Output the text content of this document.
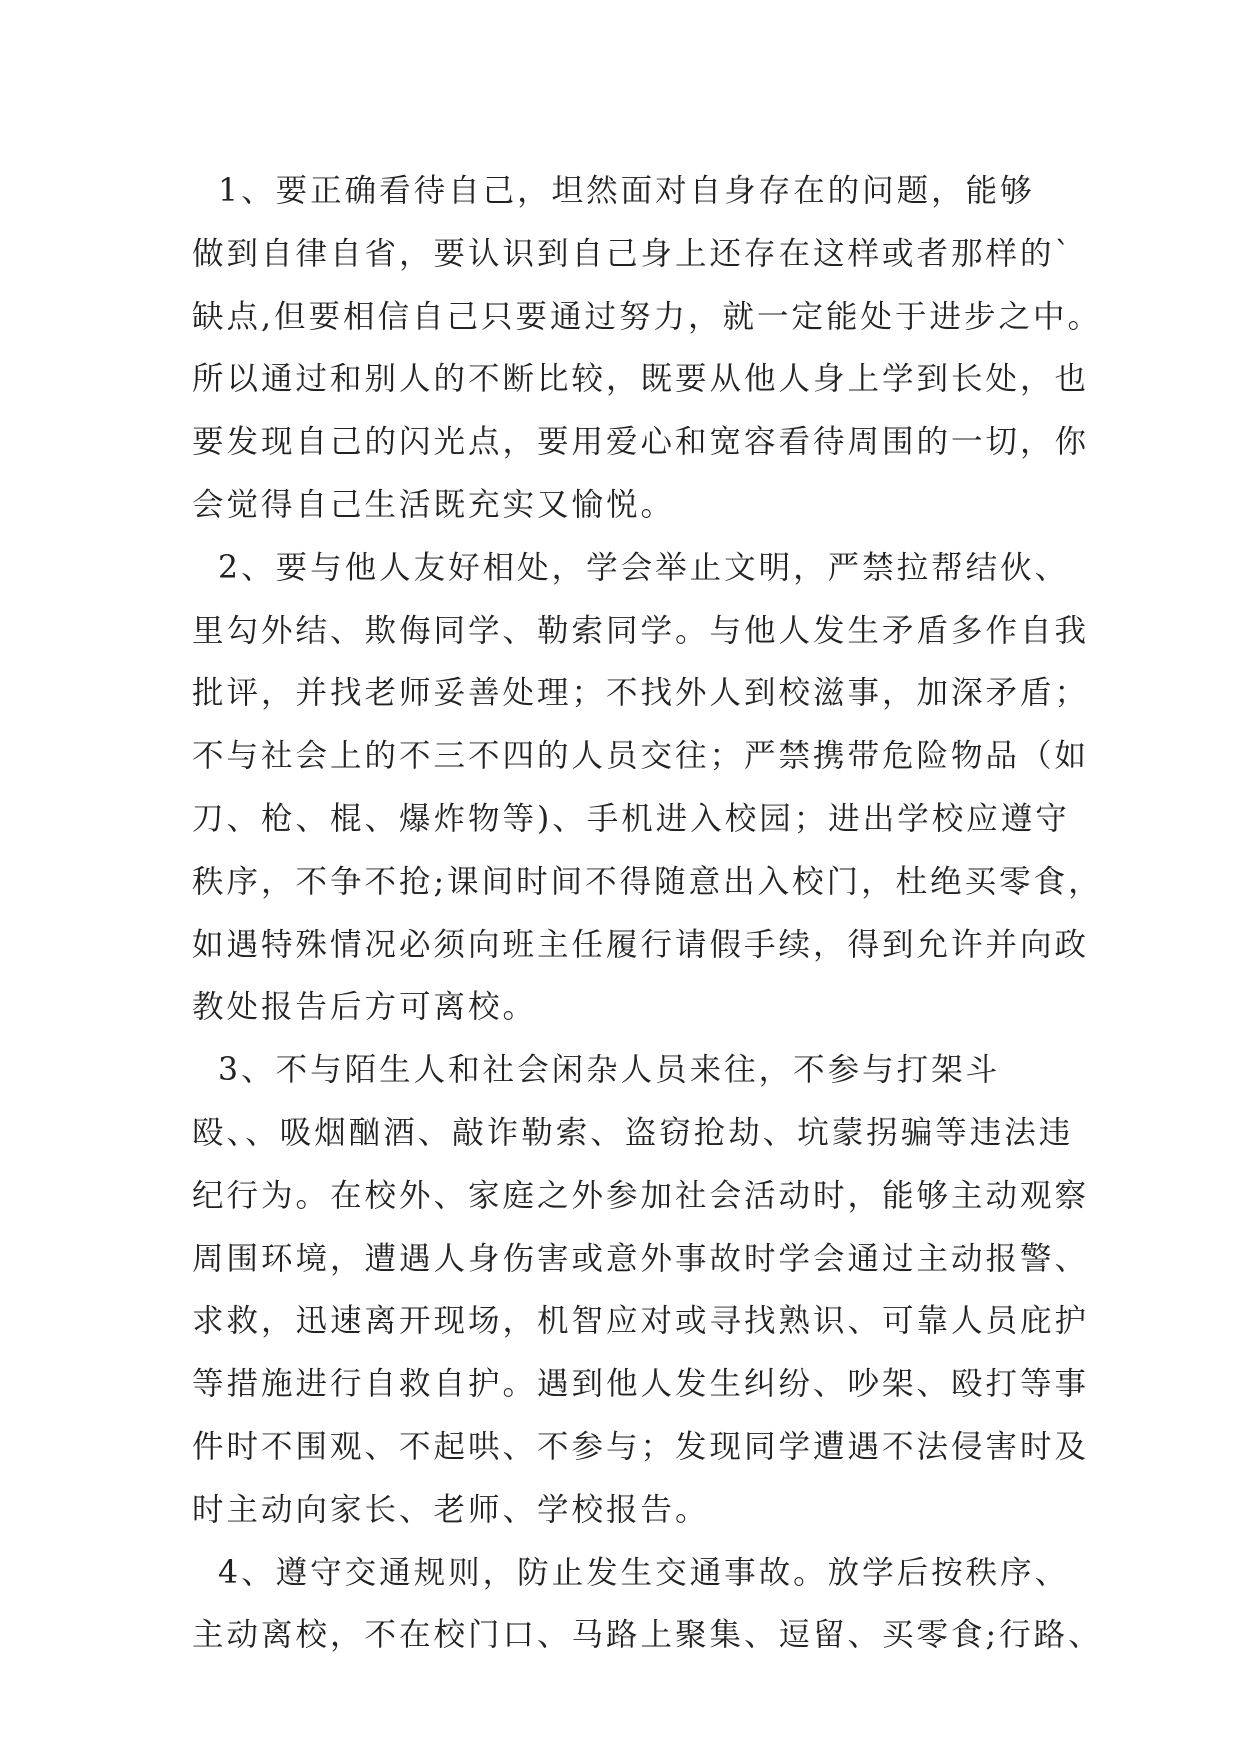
1、要正确看待自己，坦然面对自身存在的问题，能够
做到自律自省，要认识到自己身上还存在这样或者那样的`
缺点,但要相信自己只要通过努力，就一定能处于进步之中。
所以通过和别人的不断比较，既要从他人身上学到长处，也
要发现自己的闪光点，要用爱心和宽容看待周围的一切，你
会觉得自己生活既充实又愉悦。
2、要与他人友好相处，学会举止文明，严禁拉帮结伙、
里勾外结、欺侮同学、勒索同学。与他人发生矛盾多作自我
批评，并找老师妥善处理；不找外人到校滋事，加深矛盾；
不与社会上的不三不四的人员交往；严禁携带危险物品（如
刀、枪、棍、爆炸物等)、手机进入校园；进出学校应遵守
秩序，不争不抢;课间时间不得随意出入校门，杜绝买零食，
如遇特殊情况必须向班主任履行请假手续，得到允许并向政
教处报告后方可离校。
3、不与陌生人和社会闲杂人员来往，不参与打架斗
殴、、吸烟酗酒、敲诈勒索、盗窃抢劫、坑蒙拐骗等违法违
纪行为。在校外、家庭之外参加社会活动时，能够主动观察
周围环境，遭遇人身伤害或意外事故时学会通过主动报警、
求救，迅速离开现场，机智应对或寻找熟识、可靠人员庇护
等措施进行自救自护。遇到他人发生纠纷、吵架、殴打等事
件时不围观、不起哄、不参与；发现同学遭遇不法侵害时及
时主动向家长、老师、学校报告。
4、遵守交通规则，防止发生交通事故。放学后按秩序、
主动离校，不在校门口、马路上聚集、逗留、买零食;行路、
